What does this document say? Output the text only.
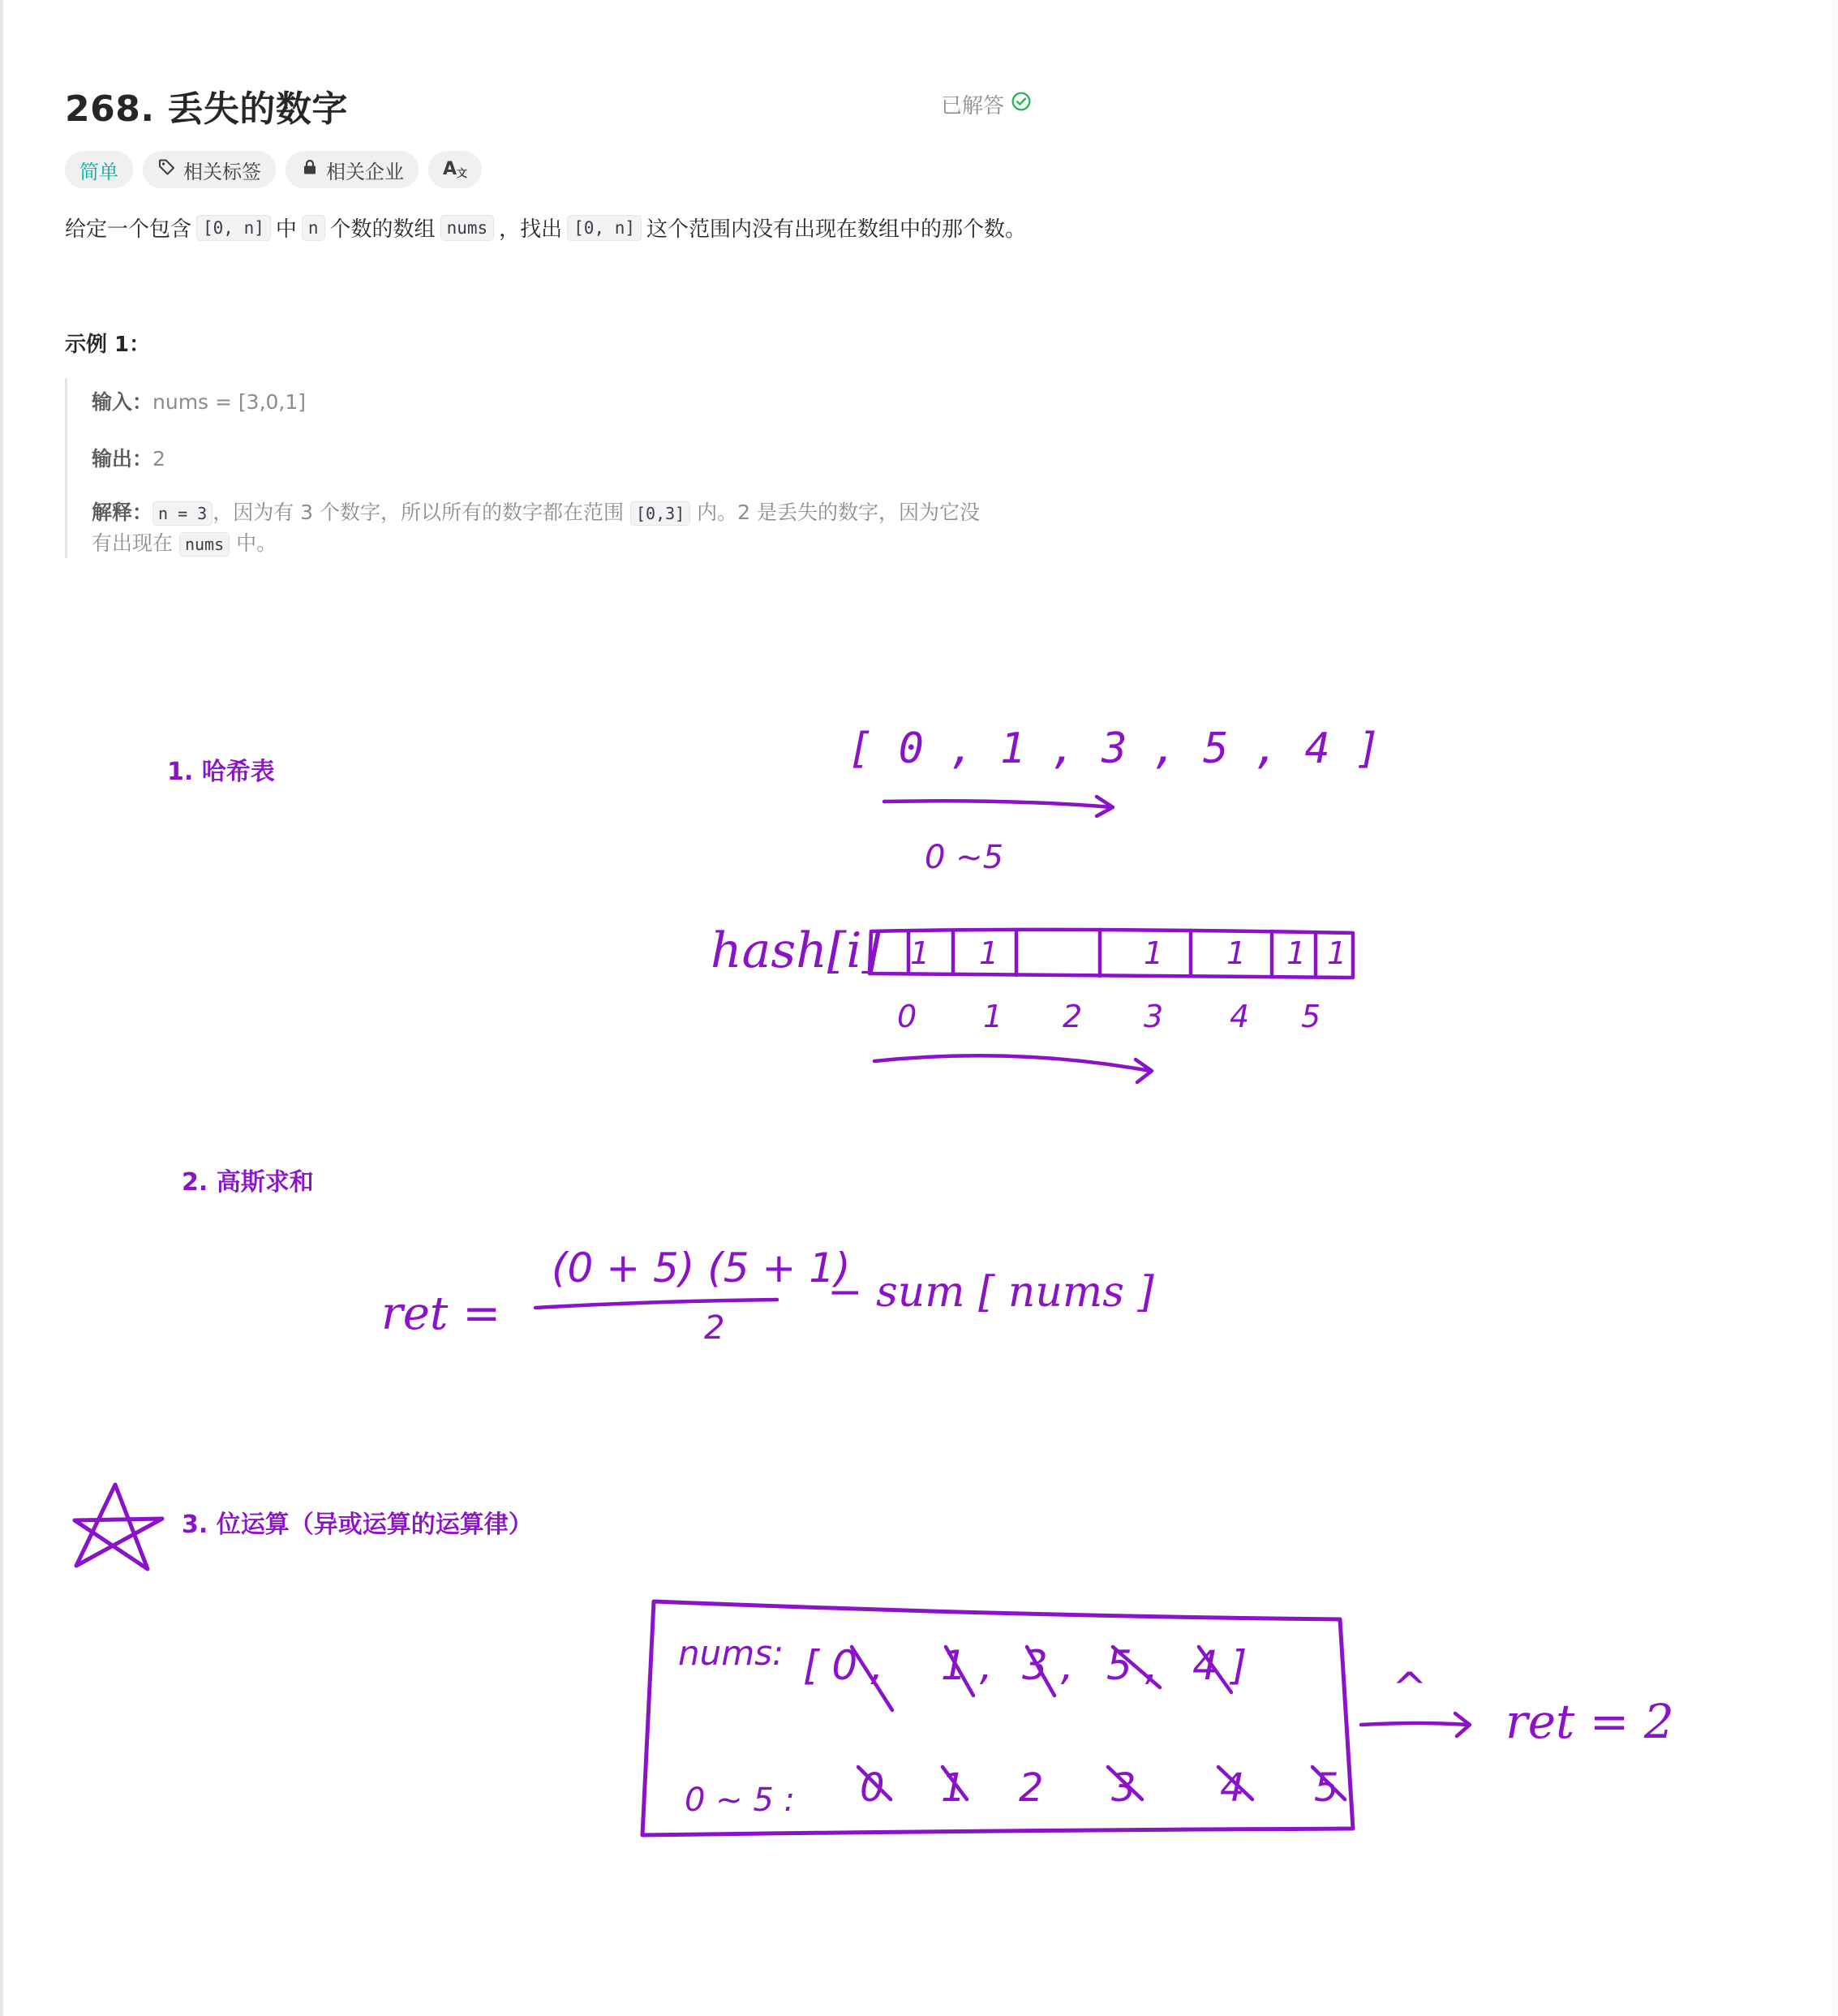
268. 丢失的数字	已解答
简单	相关标签	相关企业 A文
给定一个包含 [0, n] 中 n 个数的数组 nums ，找出 [0, n] 这个范围内没有出现在数组中的那个数。
示例 1：
输入：nums = [3,0,1]
输出：2
解释： n = 3 ，因为有 3 个数字，所以所有的数字都在范围 [0,3] 内。2 是丢失的数字，因为它没
有出现在 nums 中。
1. 哈希表
2. 高斯求和
3. 位运算（异或运算的运算律）
[ 0 , 1 , 3 , 5 , 4 ]
0 ~5
hash[i] 1 1	1 1 1 1
0 1 2 3 4 5
ret =
(0 + 5) (5 + 1)
2
− sum [ nums ]
nums: [ 0 , 1 , 3 , 5 , 4 ]
0 ~ 5 : 0 1 2 3 4 5
^
ret = 2
